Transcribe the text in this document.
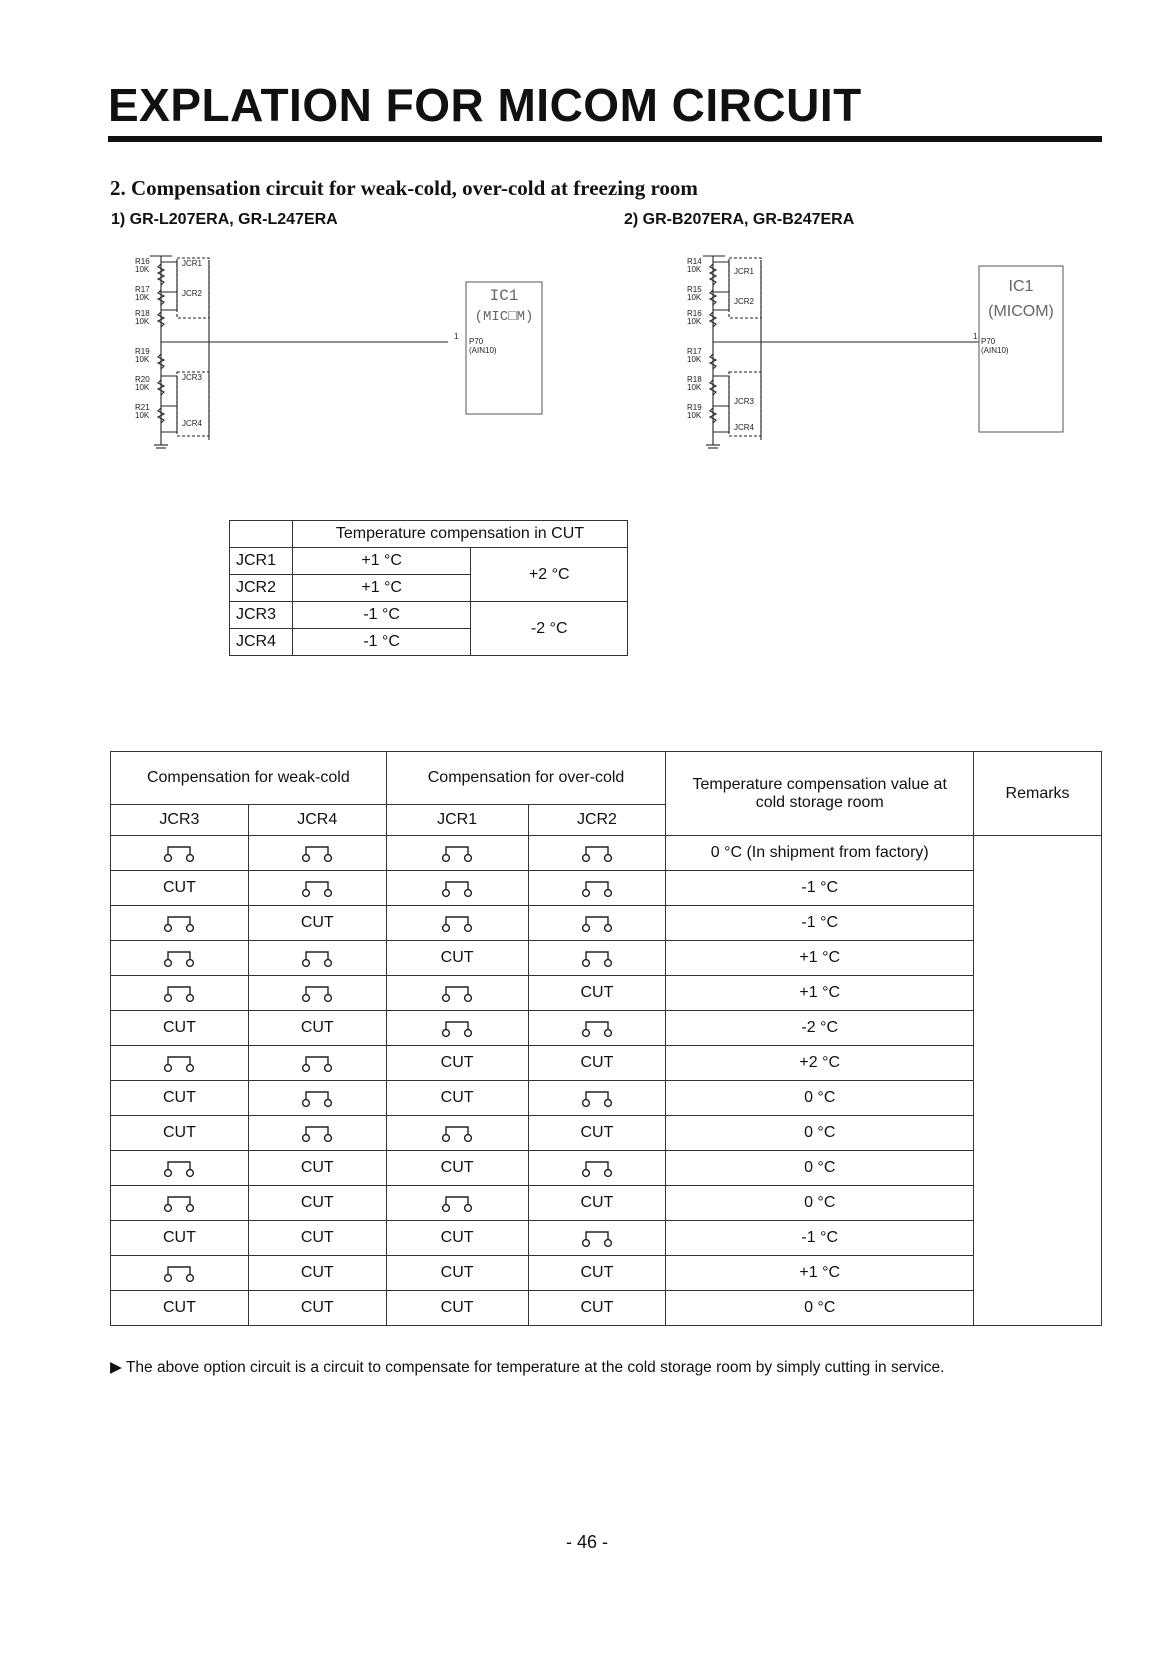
EXPLATION FOR MICOM CIRCUIT
2. Compensation circuit for weak-cold, over-cold at freezing room
1) GR-L207ERA, GR-L247ERA	2) GR-B207ERA, GR-B247ERA
R16
10K
R17
10K
R18
10K
R19
10K
R20
10K
R21
10K
JCR1
JCR2
JCR3
JCR4
1
P70
(AIN10)
IC1
(MIC□M)
R14
10K
R15
10K
R16
10K
R17
10K
R18
10K
R19
10K
JCR1
JCR2
JCR3
JCR4
1
P70
(AIN10)
IC1
(MICOM)
	Temperature compensation in CUT	
JCR1	+1 °C	+2 °C
JCR2	+1 °C	
JCR3	-1 °C	-2 °C
JCR4	-1 °C	
Compensation for weak-cold		Compensation for over-cold		Temperature compensation value at cold storage room	Remarks
JCR3	JCR4	JCR1	JCR2		
				0 °C (In shipment from factory)	
CUT				-1 °C	
	CUT			-1 °C	
		CUT		+1 °C	
			CUT	+1 °C	
CUT	CUT			-2 °C	
		CUT	CUT	+2 °C	
CUT		CUT		0 °C	
CUT			CUT	0 °C	
	CUT	CUT		0 °C	
	CUT		CUT	0 °C	
CUT	CUT	CUT		-1 °C	
	CUT	CUT	CUT	+1 °C	
CUT	CUT	CUT	CUT	0 °C	
▶ The above option circuit is a circuit to compensate for temperature at the cold storage room by simply cutting in service.
- 46 -
